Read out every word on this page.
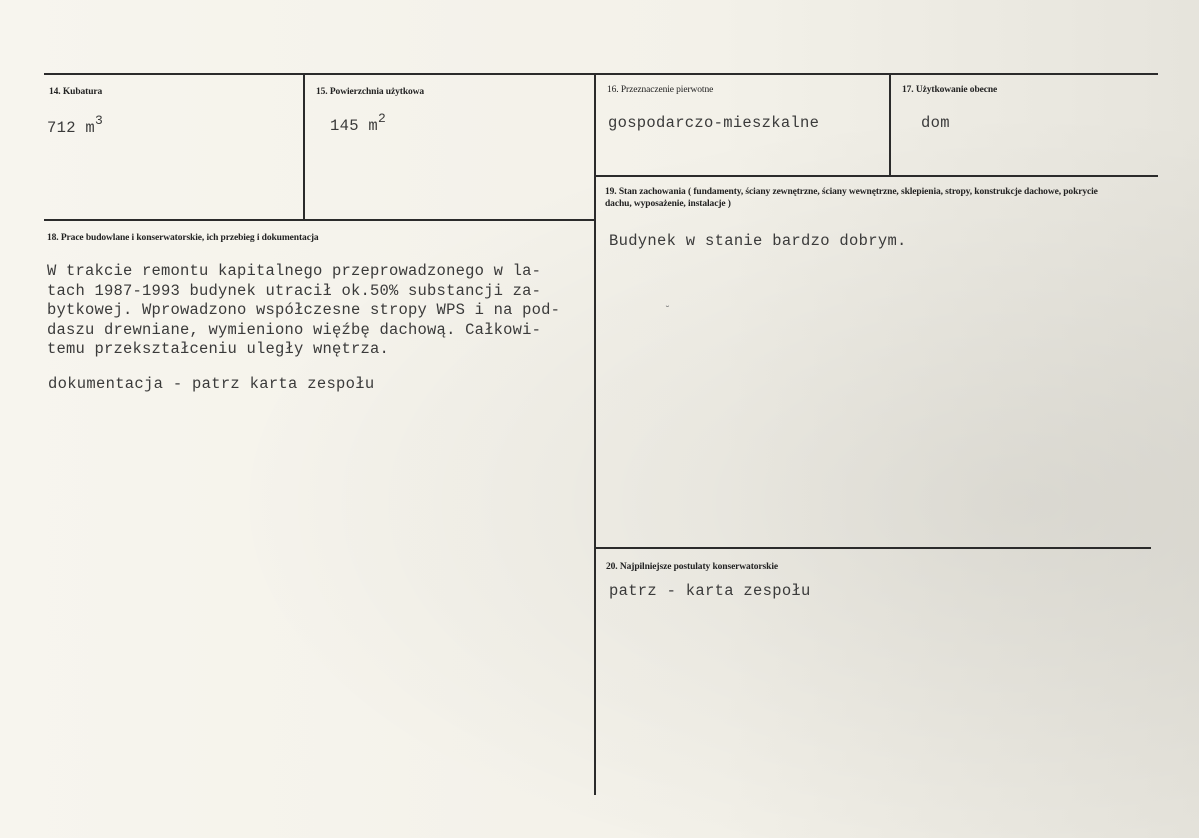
14. Kubatura
712 $m^3$
15. Powierzchnia użytkowa
145 $m^2$
16. Przeznaczenie pierwotne
gospodarczo-mieszkalne
17. Użytkowanie obecne
dom
18. Prace budowlane i konserwatorskie, ich przebieg i dokumentacja
W trakcie remontu kapitalnego przeprowadzonego w la-
tach 1987-1993 budynek utracił ok.50% substancji za-
bytkowej. Wprowadzono współczesne stropy WPS i na pod-
daszu drewniane, wymieniono więźbę dachową. Całkowi-
temu przekształceniu uległy wnętrza.
dokumentacja - patrz karta zespołu
19. Stan zachowania ( fundamenty, ściany zewnętrzne, ściany wewnętrzne, sklepienia, stropy, konstrukcje dachowe, pokrycie dachu, wyposażenie, instalacje )
Budynek w stanie bardzo dobrym.
˘
20. Najpilniejsze postulaty konserwatorskie
patrz - karta zespołu
